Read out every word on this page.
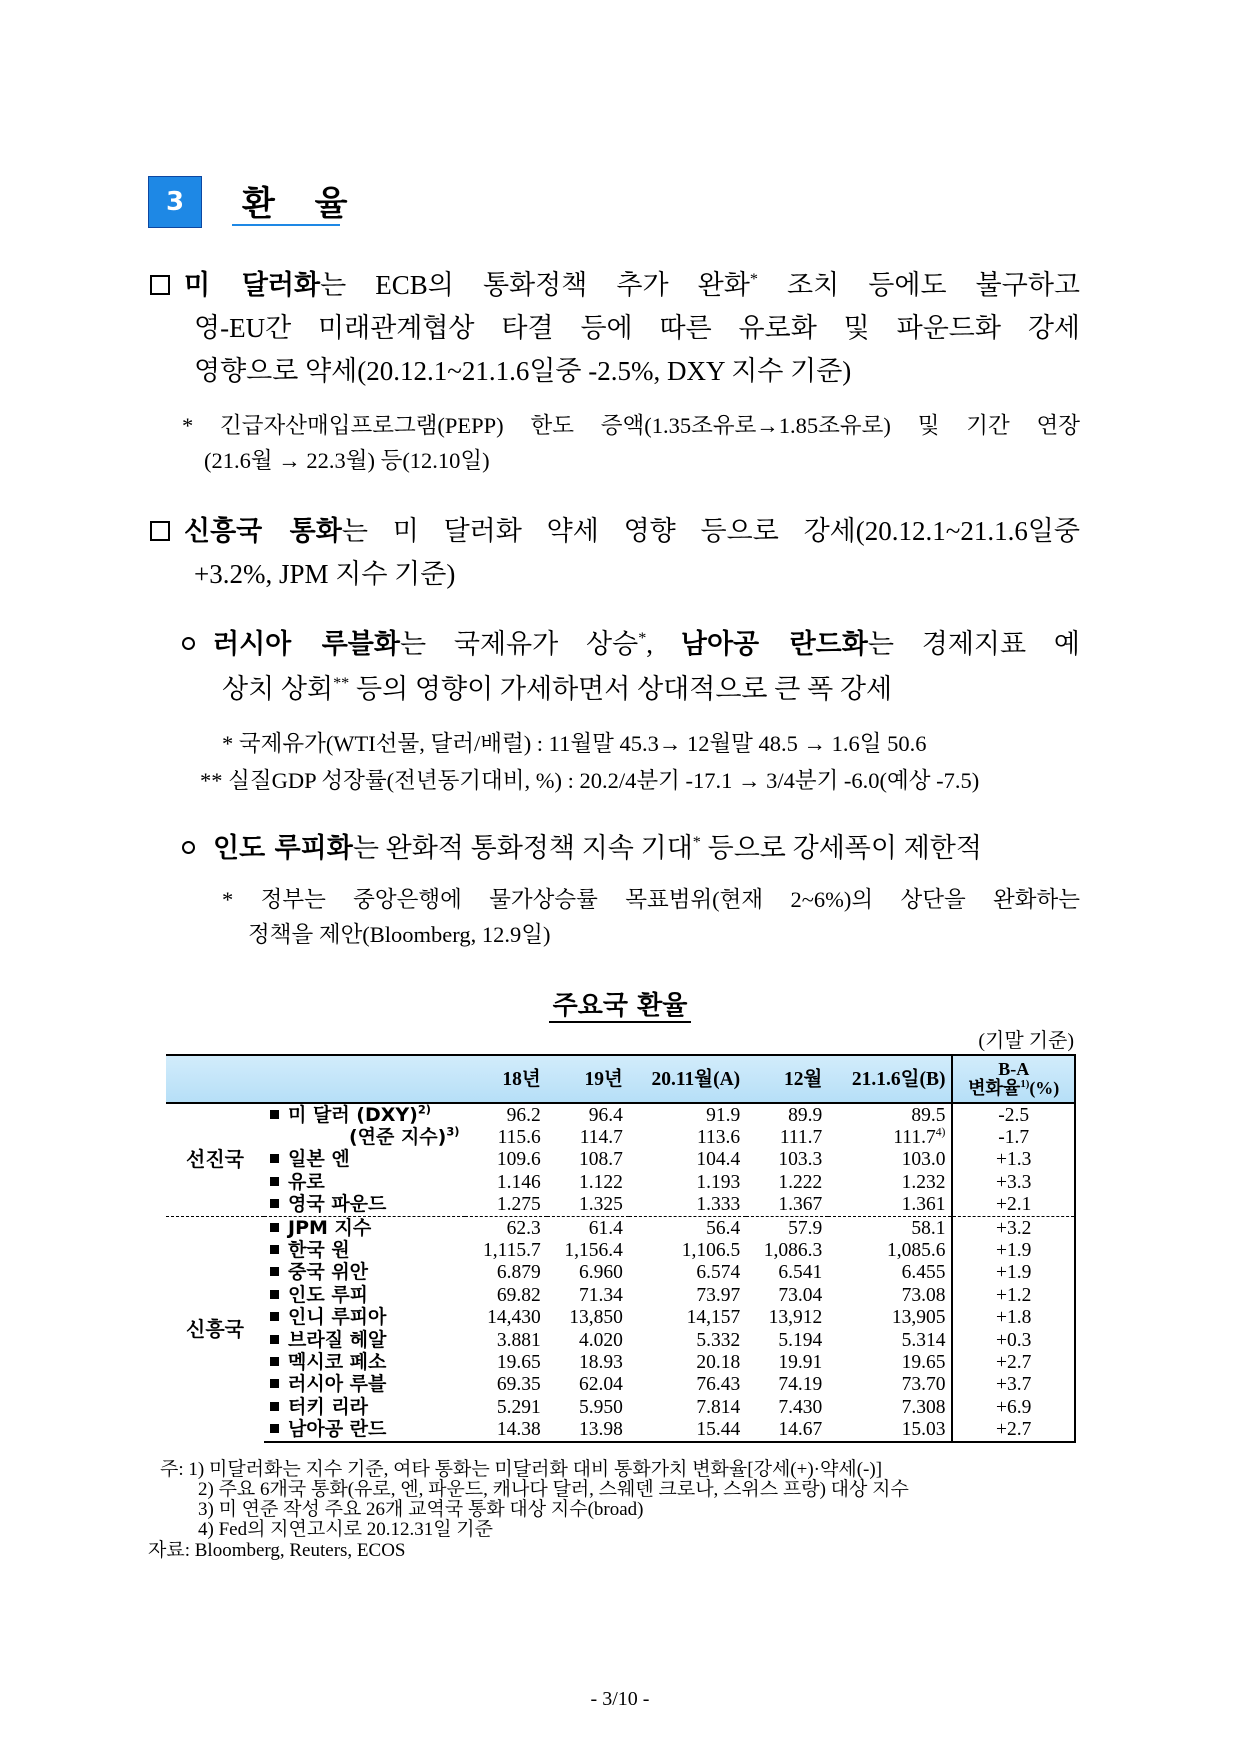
3	환 율
미 달러화는 ECB의 통화정책 추가 완화* 조치 등에도 불구하고
영-EU간 미래관계협상 타결 등에 따른 유로화 및 파운드화 강세
영향으로 약세(20.12.1~21.1.6일중 -2.5%, DXY 지수 기준)
* 긴급자산매입프로그램(PEPP) 한도 증액(1.35조유로→1.85조유로) 및 기간 연장
(21.6월 → 22.3월) 등(12.10일)
신흥국 통화는 미 달러화 약세 영향 등으로 강세(20.12.1~21.1.6일중
+3.2%, JPM 지수 기준)
러시아 루블화는 국제유가 상승*, 남아공 란드화는 경제지표 예
상치 상회** 등의 영향이 가세하면서 상대적으로 큰 폭 강세
* 국제유가(WTI선물, 달러/배럴) : 11월말 45.3→ 12월말 48.5 → 1.6일 50.6
** 실질GDP 성장률(전년동기대비, %) : 20.2/4분기 -17.1 → 3/4분기 -6.0(예상 -7.5)
인도 루피화는 완화적 통화정책 지속 기대* 등으로 강세폭이 제한적
* 정부는 중앙은행에 물가상승률 목표범위(현재 2~6%)의 상단을 완화하는
정책을 제안(Bloomberg, 12.9일)
주요국 환율
(기말 기준)
		18년	19년	20.11월(A)	12월	21.1.6일(B)	B-A
변화율$^{1)}$(%)
선진국	미 달러 (DXY)$^{2)}$	96.2	96.4	91.9	89.9	89.5	-2.5
	(연준 지수)$^{3)}$	115.6	114.7	113.6	111.7	111.7$^{4)}$	-1.7
	일본 엔	109.6	108.7	104.4	103.3	103.0	+1.3
	유로	1.146	1.122	1.193	1.222	1.232	+3.3
	영국 파운드	1.275	1.325	1.333	1.367	1.361	+2.1
신흥국	JPM 지수	62.3	61.4	56.4	57.9	58.1	+3.2
	한국 원	1,115.7	1,156.4	1,106.5	1,086.3	1,085.6	+1.9
	중국 위안	6.879	6.960	6.574	6.541	6.455	+1.9
	인도 루피	69.82	71.34	73.97	73.04	73.08	+1.2
	인니 루피아	14,430	13,850	14,157	13,912	13,905	+1.8
	브라질 헤알	3.881	4.020	5.332	5.194	5.314	+0.3
	멕시코 페소	19.65	18.93	20.18	19.91	19.65	+2.7
	러시아 루블	69.35	62.04	76.43	74.19	73.70	+3.7
	터키 리라	5.291	5.950	7.814	7.430	7.308	+6.9
	남아공 란드	14.38	13.98	15.44	14.67	15.03	+2.7
주: 1) 미달러화는 지수 기준, 여타 통화는 미달러화 대비 통화가치 변화율[강세(+)·약세(-)]
2) 주요 6개국 통화(유로, 엔, 파운드, 캐나다 달러, 스웨덴 크로나, 스위스 프랑) 대상 지수
3) 미 연준 작성 주요 26개 교역국 통화 대상 지수(broad)
4) Fed의 지연고시로 20.12.31일 기준
자료: Bloomberg, Reuters, ECOS
- 3/10 -
